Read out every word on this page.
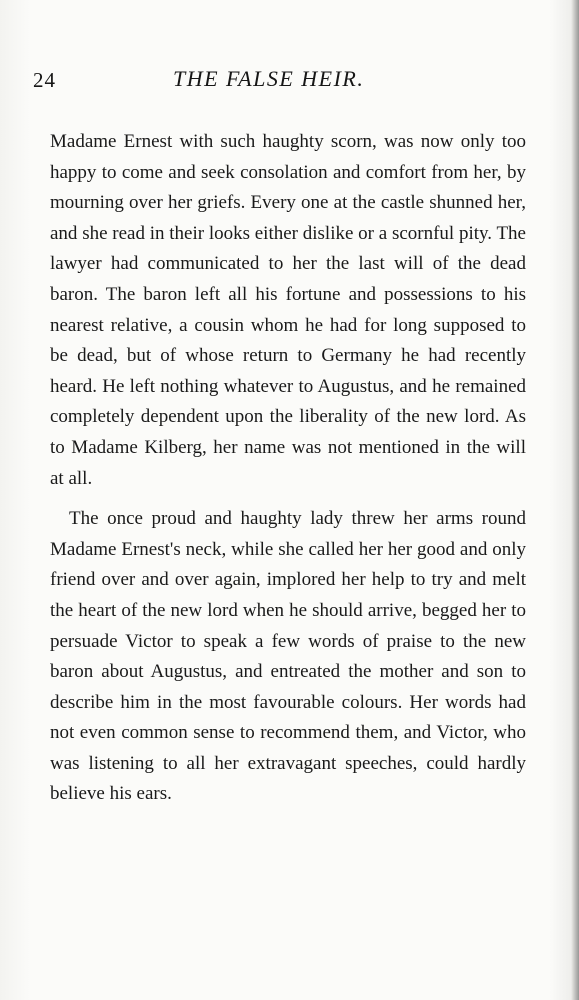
24	THE FALSE HEIR.

Madame Ernest with such haughty scorn, was now only too happy to come and seek consolation and comfort from her, by mourning over her griefs. Every one at the castle shunned her, and she read in their looks either dislike or a scornful pity. The lawyer had communicated to her the last will of the dead baron. The baron left all his fortune and possessions to his nearest relative, a cousin whom he had for long supposed to be dead, but of whose return to Germany he had recently heard. He left nothing whatever to Augustus, and he remained completely dependent upon the liberality of the new lord. As to Madame Kilberg, her name was not mentioned in the will at all.

The once proud and haughty lady threw her arms round Madame Ernest's neck, while she called her her good and only friend over and over again, implored her help to try and melt the heart of the new lord when he should arrive, begged her to persuade Victor to speak a few words of praise to the new baron about Augustus, and entreated the mother and son to describe him in the most favourable colours. Her words had not even common sense to recommend them, and Victor, who was listening to all her extravagant speeches, could hardly believe his ears.
